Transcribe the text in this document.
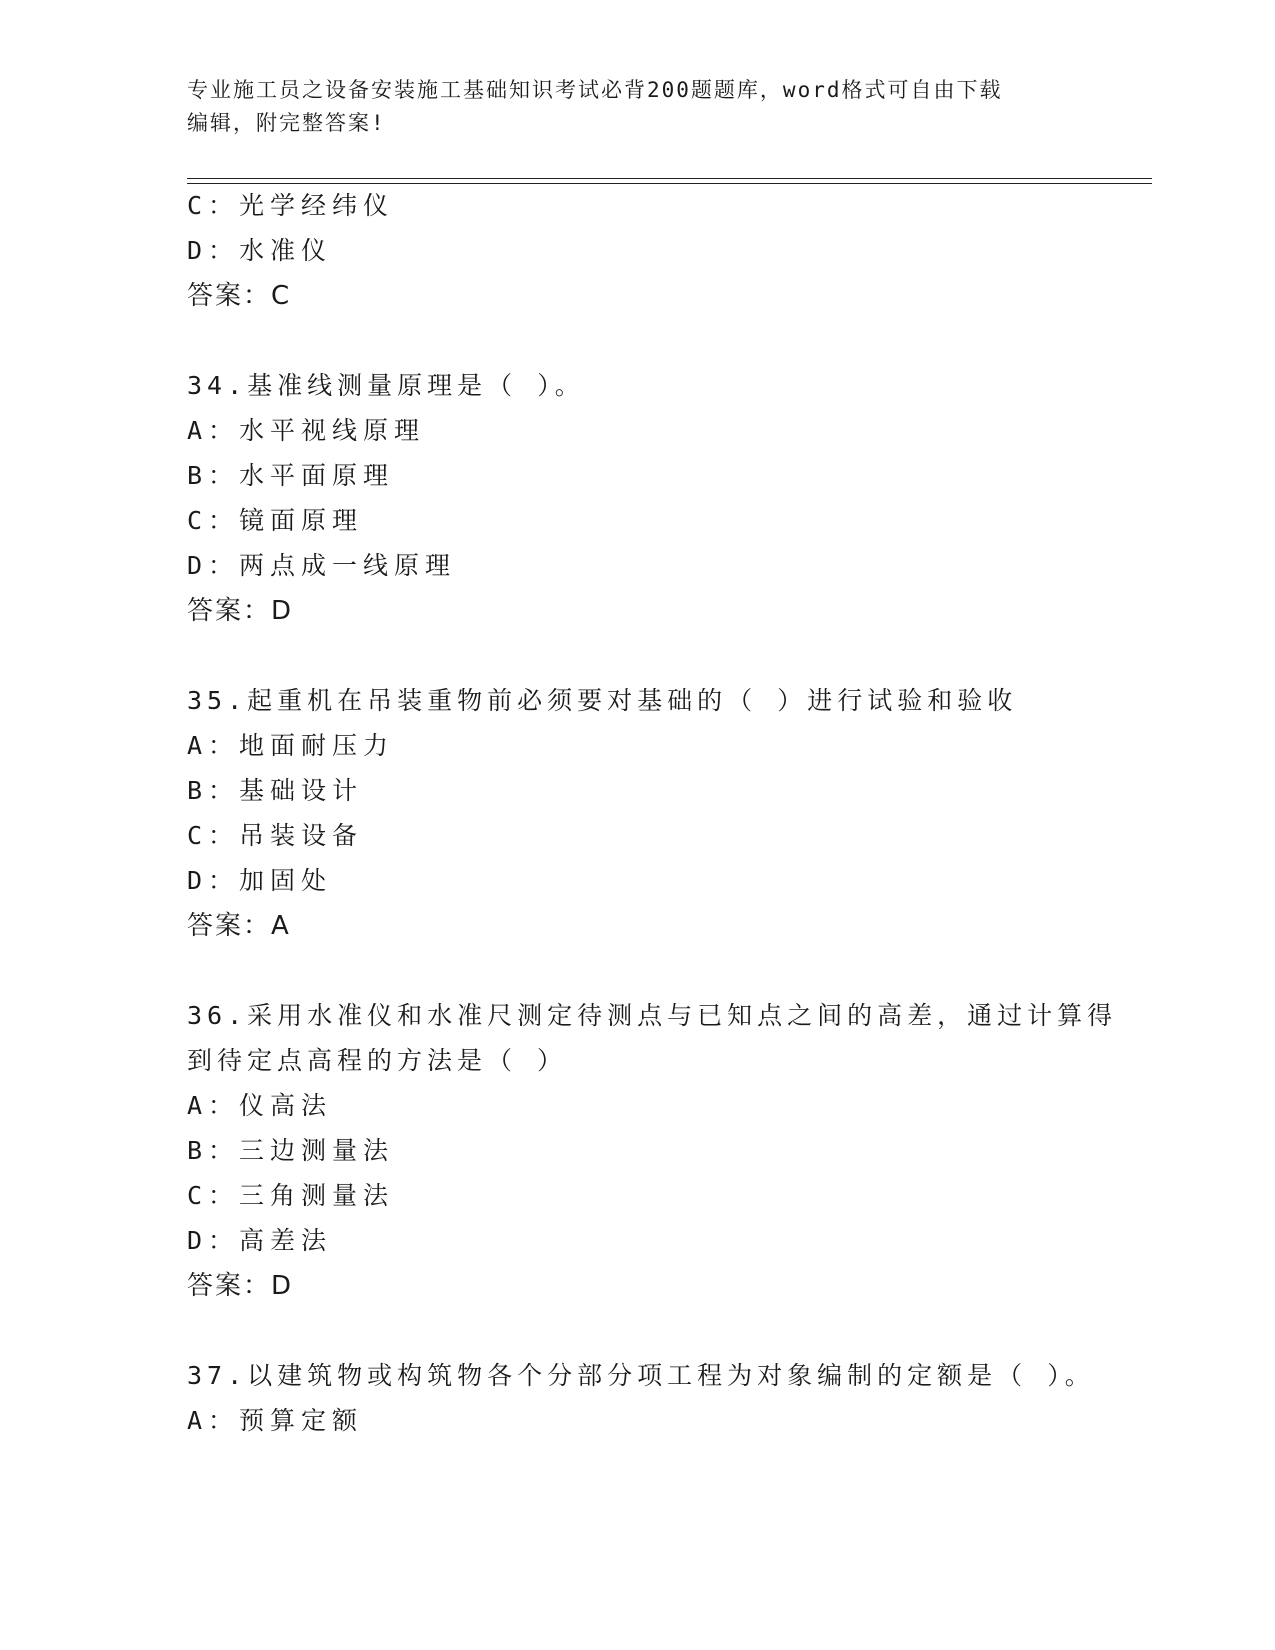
专业施工员之设备安装施工基础知识考试必背200题题库，word格式可自由下载
编辑，附完整答案!
C：光学经纬仪
D：水准仪
答案：C
34.基准线测量原理是（ ）。
A：水平视线原理
B：水平面原理
C：镜面原理
D：两点成一线原理
答案：D
35.起重机在吊装重物前必须要对基础的（ ）进行试验和验收
A：地面耐压力
B：基础设计
C：吊装设备
D：加固处
答案：A
36.采用水准仪和水准尺测定待测点与已知点之间的高差，通过计算得
到待定点高程的方法是（ ）
A：仪高法
B：三边测量法
C：三角测量法
D：高差法
答案：D
37.以建筑物或构筑物各个分部分项工程为对象编制的定额是（ ）。
A：预算定额
